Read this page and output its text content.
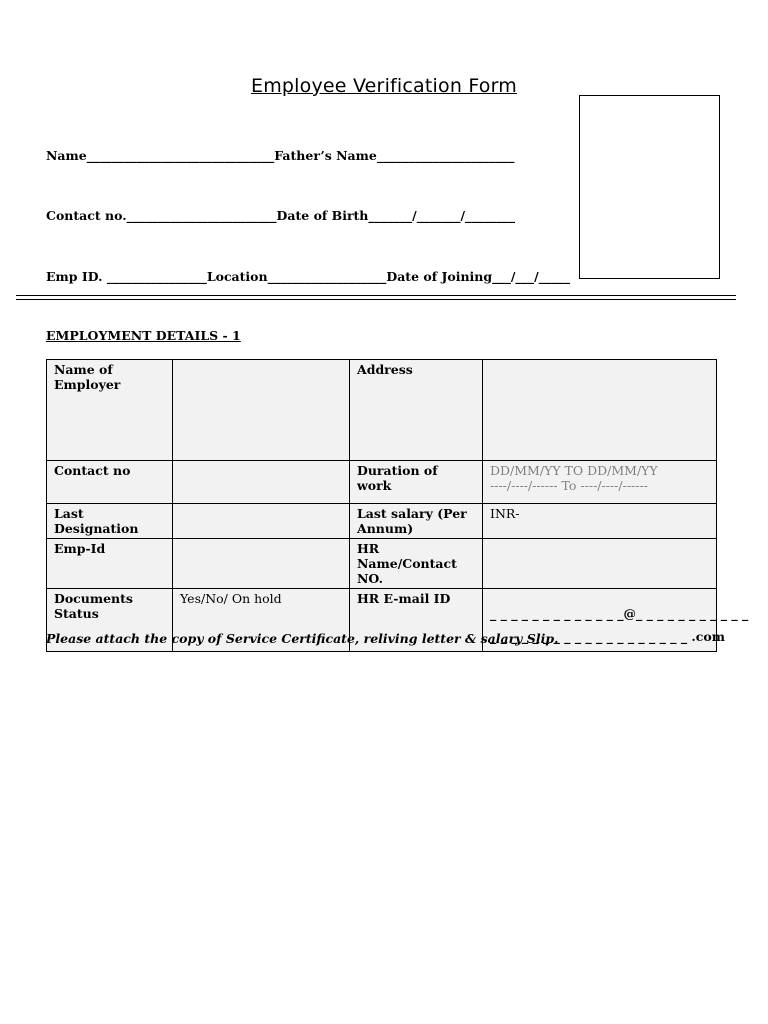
Employee Verification Form
Name______________________________Father’s Name______________________
Contact no.________________________Date of Birth_______/_______/________
Emp ID. ________________Location___________________Date of Joining___/___/_____
EMPLOYMENT DETAILS - 1
Name of Employer		Address	
Contact no		Duration of work	DD/MM/YY TO DD/MM/YY
----/----/------ To ----/----/------

Last Designation		Last salary (Per Annum)	INR-
Emp-Id		HR Name/Contact NO.	
Documents Status	Yes/No/ On hold	HR E-mail ID	_ _ _ _ _ _ _ _ _ _ _ _ _@_ _ _ _ _ _ _ _ _ _ _
_ _ _ _ _ _ _ _ _ _ _ _ _ _ _ _ _ _ _ .com
Please attach the copy of Service Certificate, reliving letter & salary Slip.
